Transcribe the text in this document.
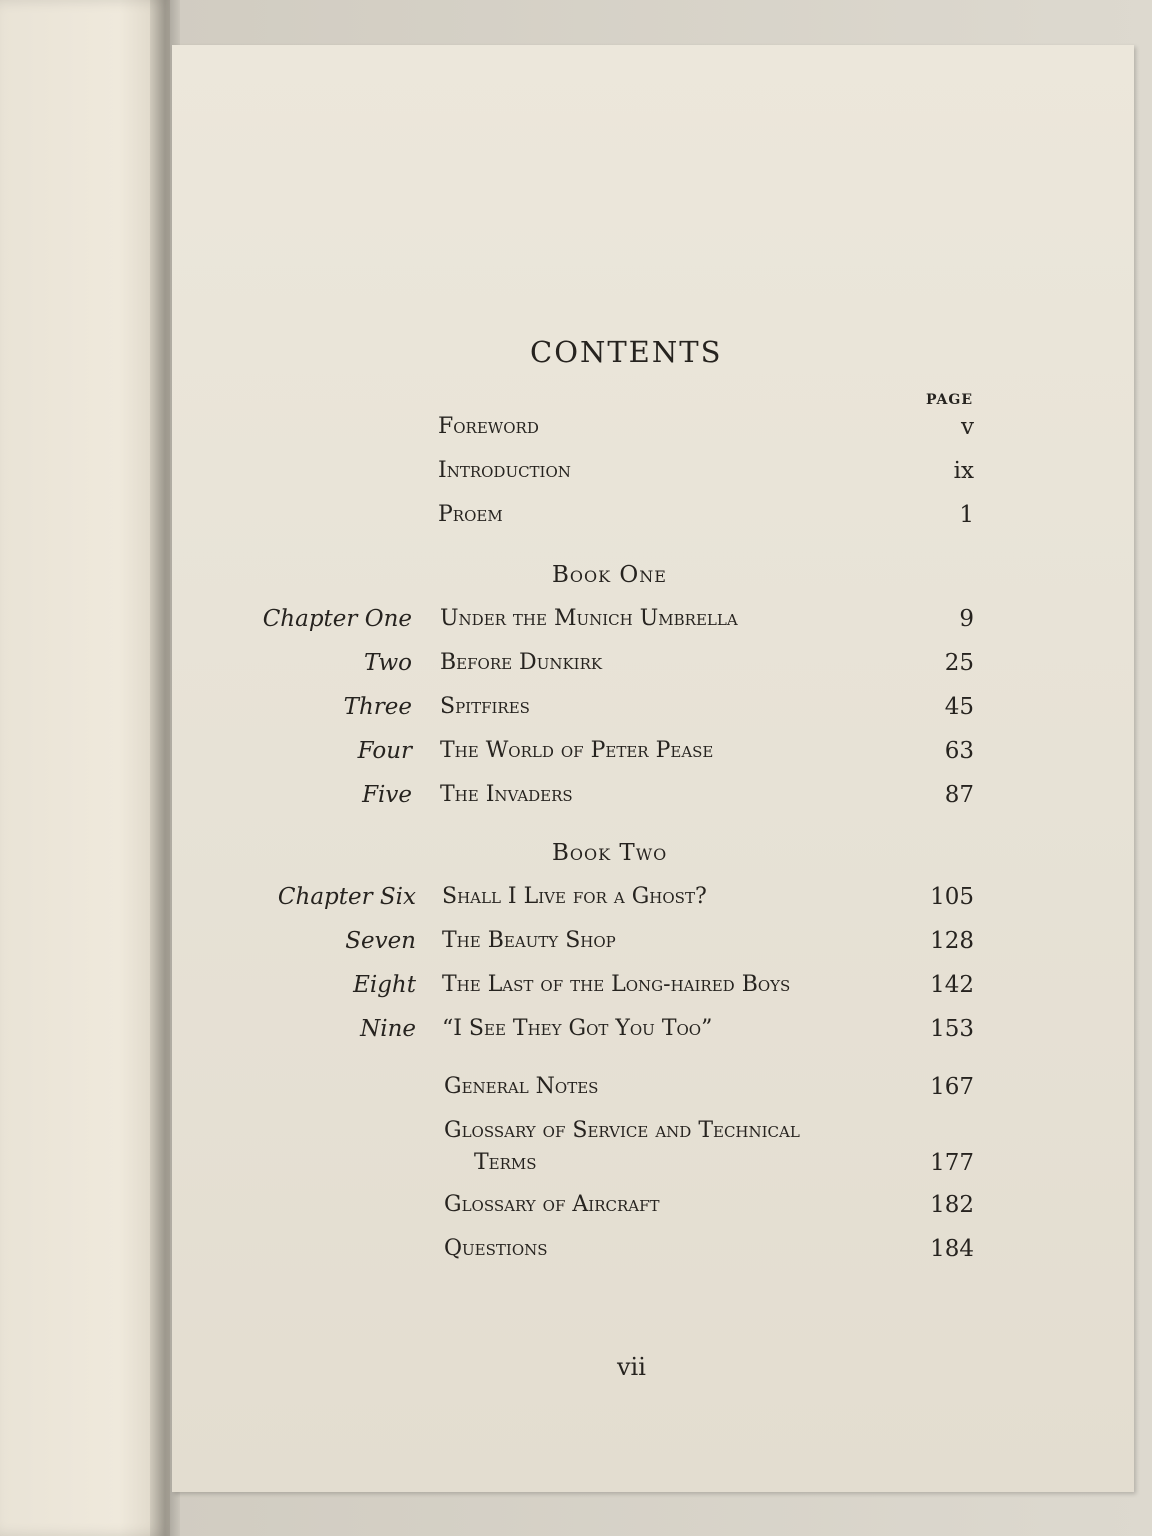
CONTENTS
PAGE
Foreword	v
Introduction	ix
Proem	1
Book One
Chapter One Under the Munich Umbrella	9
Two Before Dunkirk	25
Three Spitfires	45
Four The World of Peter Pease	63
Five The Invaders	87
Book Two
Chapter Six Shall I Live for a Ghost?	105
Seven The Beauty Shop	128
Eight The Last of the Long-haired Boys	142
Nine “I See They Got You Too”	153
General Notes	167
Glossary of Service and Technical
Terms	177
Glossary of Aircraft	182
Questions	184
vii
